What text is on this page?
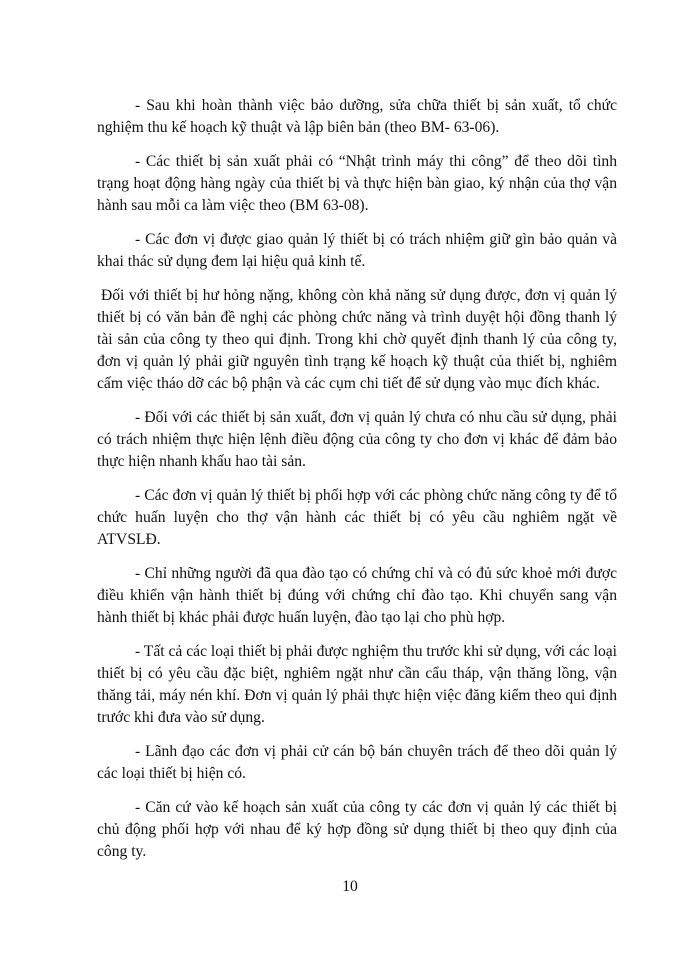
- Sau khi hoàn thành việc bảo dưỡng, sửa chữa thiết bị sản xuất, tổ chức nghiệm thu kế hoạch kỹ thuật và lập biên bản (theo BM- 63-06).

- Các thiết bị sản xuất phải có “Nhật trình máy thi công” để theo dõi tình trạng hoạt động hàng ngày của thiết bị và thực hiện bàn giao, ký nhận của thợ vận hành sau mỗi ca làm việc theo (BM 63-08).

- Các đơn vị được giao quản lý thiết bị có trách nhiệm giữ gìn bảo quản và khai thác sử dụng đem lại hiệu quả kinh tế.

Đối với thiết bị hư hỏng nặng, không còn khả năng sử dụng được, đơn vị quản lý thiết bị có văn bản đề nghị các phòng chức năng và trình duyệt hội đồng thanh lý tài sản của công ty theo qui định. Trong khi chờ quyết định thanh lý của công ty, đơn vị quản lý phải giữ nguyên tình trạng kế hoạch kỹ thuật của thiết bị, nghiêm cấm việc tháo dỡ các bộ phận và các cụm chi tiết để sử dụng vào mục đích khác.

- Đối với các thiết bị sản xuất, đơn vị quản lý chưa có nhu cầu sử dụng, phải có trách nhiệm thực hiện lệnh điều động của công ty cho đơn vị khác để đảm bảo thực hiện nhanh khấu hao tài sản.

- Các đơn vị quản lý thiết bị phối hợp với các phòng chức năng công ty để tổ chức huấn luyện cho thợ vận hành các thiết bị có yêu cầu nghiêm ngặt về ATVSLĐ.

- Chỉ những người đã qua đào tạo có chứng chỉ và có đủ sức khoẻ mới được điều khiển vận hành thiết bị đúng với chứng chỉ đào tạo. Khi chuyển sang vận hành thiết bị khác phải được huấn luyện, đào tạo lại cho phù hợp.

- Tất cả các loại thiết bị phải được nghiệm thu trước khi sử dụng, với các loại thiết bị có yêu cầu đặc biệt, nghiêm ngặt như cần cẩu tháp, vận thăng lồng, vận thăng tải, máy nén khí. Đơn vị quản lý phải thực hiện việc đăng kiểm theo qui định trước khi đưa vào sử dụng.

- Lãnh đạo các đơn vị phải cử cán bộ bán chuyên trách để theo dõi quản lý các loại thiết bị hiện có.

- Căn cứ vào kế hoạch sản xuất của công ty các đơn vị quản lý các thiết bị chủ động phối hợp với nhau để ký hợp đồng sử dụng thiết bị theo quy định của công ty.

10
